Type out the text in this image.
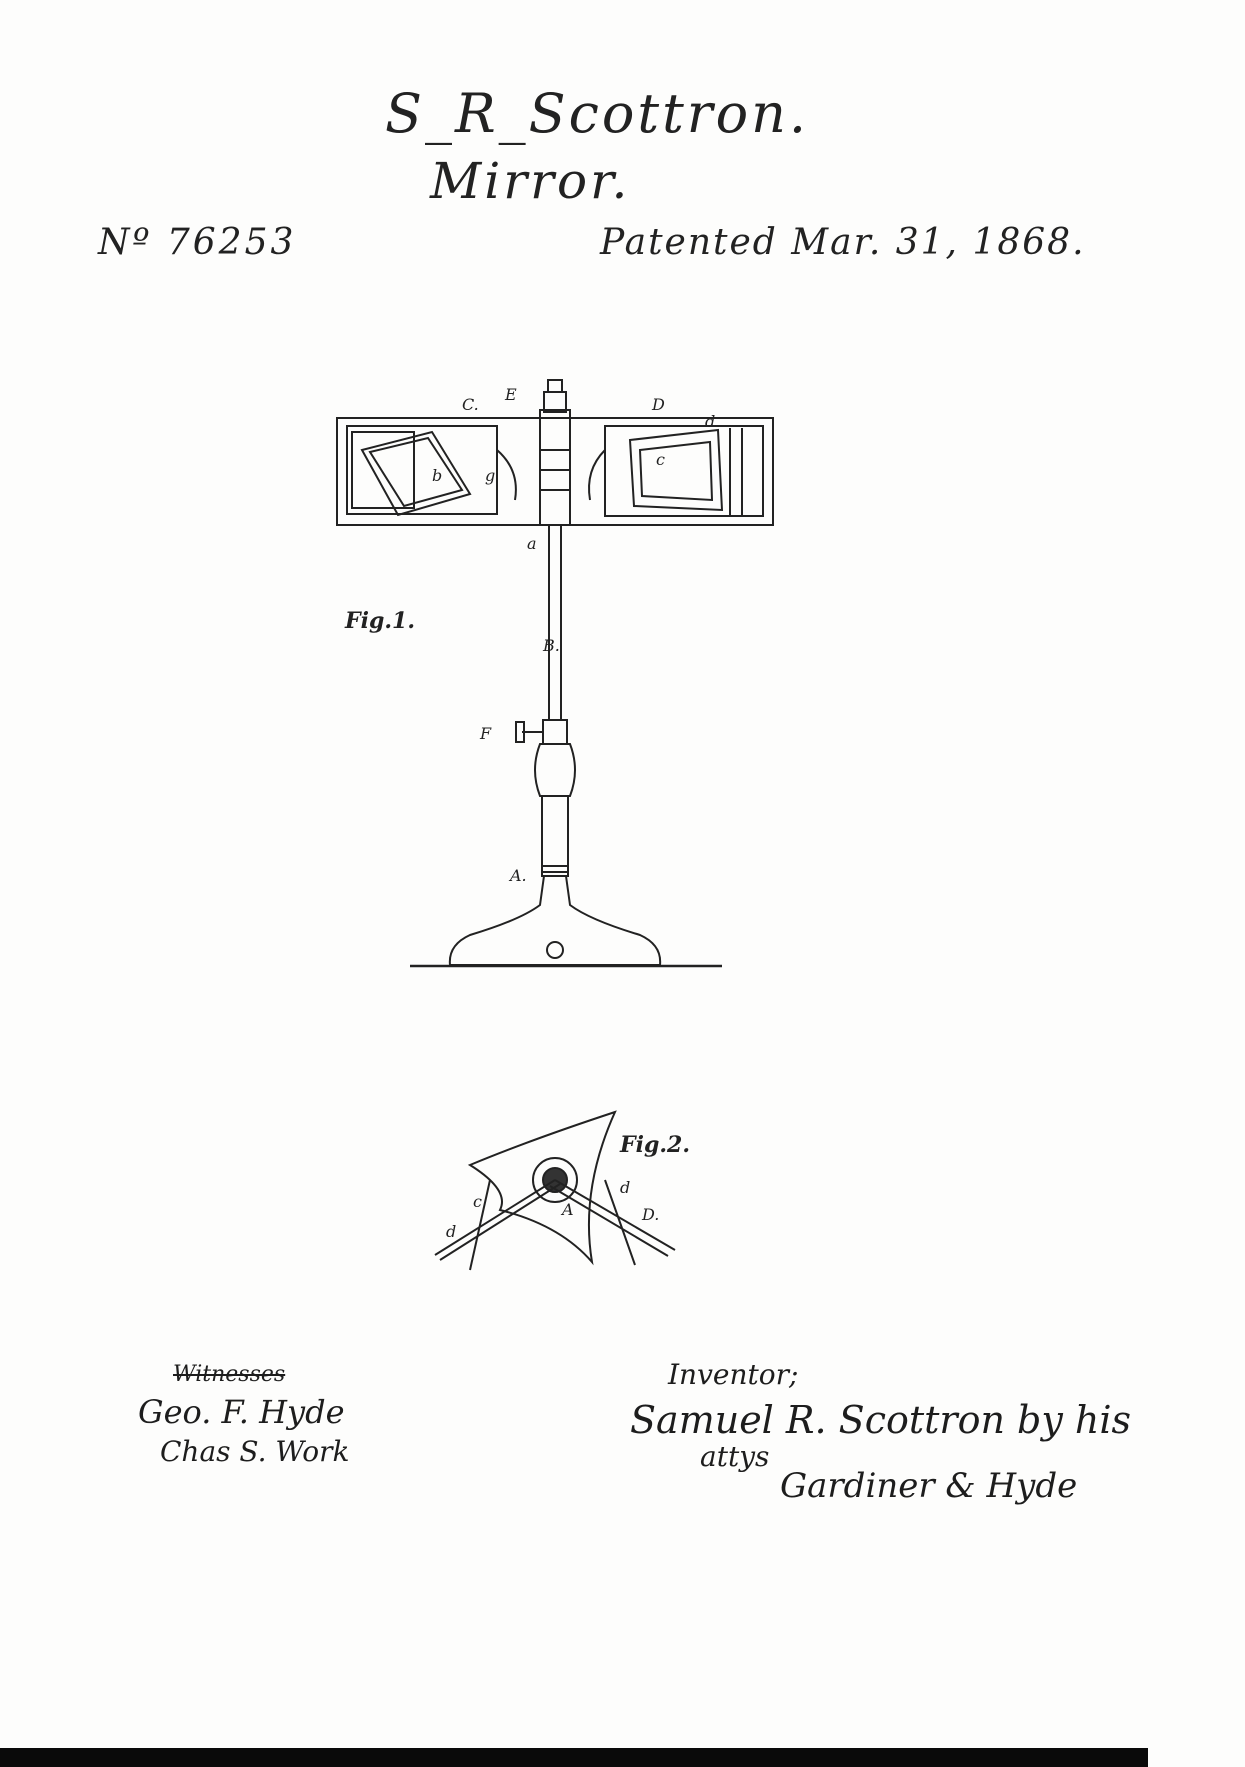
S_R_Scottron.
Mirror.
Nº 76253	Patented Mar. 31, 1868.
Fig.1.
C.
E
D
d
b	g
c
a
B.
F
A.
Fig.2.
c
d
A
d
D.
Witnesses
Geo. F. Hyde
Chas S. Work
Inventor;
Samuel R. Scottron by his
attys
Gardiner & Hyde
